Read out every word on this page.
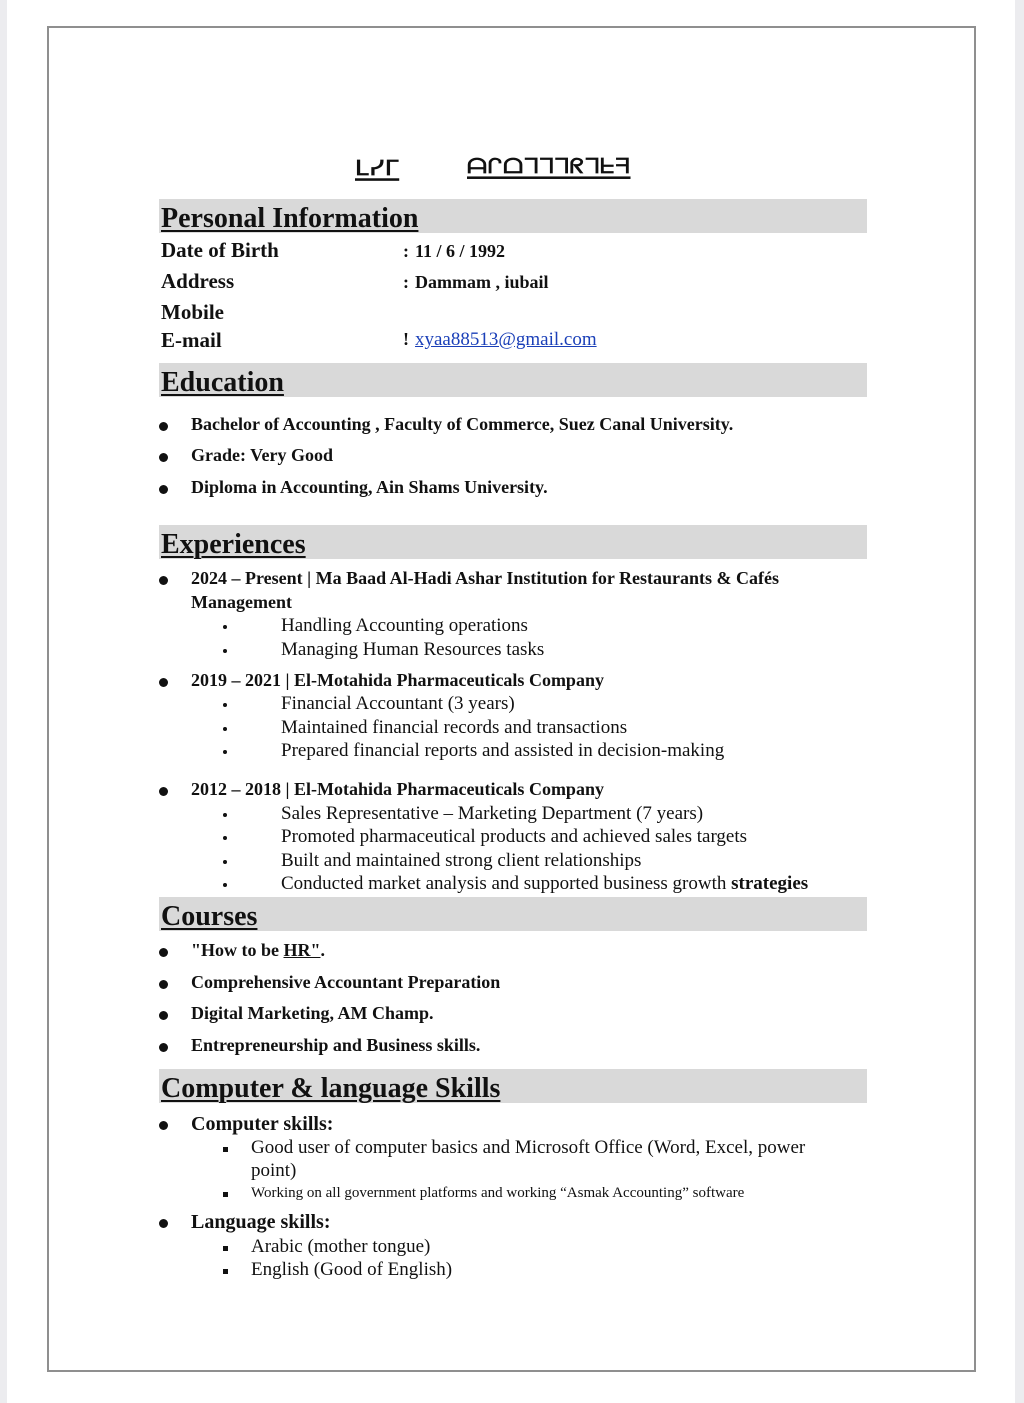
ᒪᓯᒥ	ᗩᒋᗝᒣᒣᒣᖇᒣᖶᖷ
Personal Information
Date of Birth	: 11 / 6 / 1992
Address	: Dammam , iubail
Mobile
E-mail	! xyaa88513@gmail.com
Education
Bachelor of Accounting , Faculty of Commerce, Suez Canal University.
Grade: Very Good
Diploma in Accounting, Ain Shams University.
Experiences
2024 – Present | Ma Baad Al-Hadi Ashar Institution for Restaurants & Cafés
Management
Handling Accounting operations
Managing Human Resources tasks
2019 – 2021 | El-Motahida Pharmaceuticals Company
Financial Accountant (3 years)
Maintained financial records and transactions
Prepared financial reports and assisted in decision-making
2012 – 2018 | El-Motahida Pharmaceuticals Company
Sales Representative – Marketing Department (7 years)
Promoted pharmaceutical products and achieved sales targets
Built and maintained strong client relationships
Conducted market analysis and supported business growth strategies
Courses
"How to be HR".
Comprehensive Accountant Preparation
Digital Marketing, AM Champ.
Entrepreneurship and Business skills.
Computer & language Skills
Computer skills:
Good user of computer basics and Microsoft Office (Word, Excel, power
point)
Working on all government platforms and working “Asmak Accounting” software
Language skills:
Arabic (mother tongue)
English (Good of English)
